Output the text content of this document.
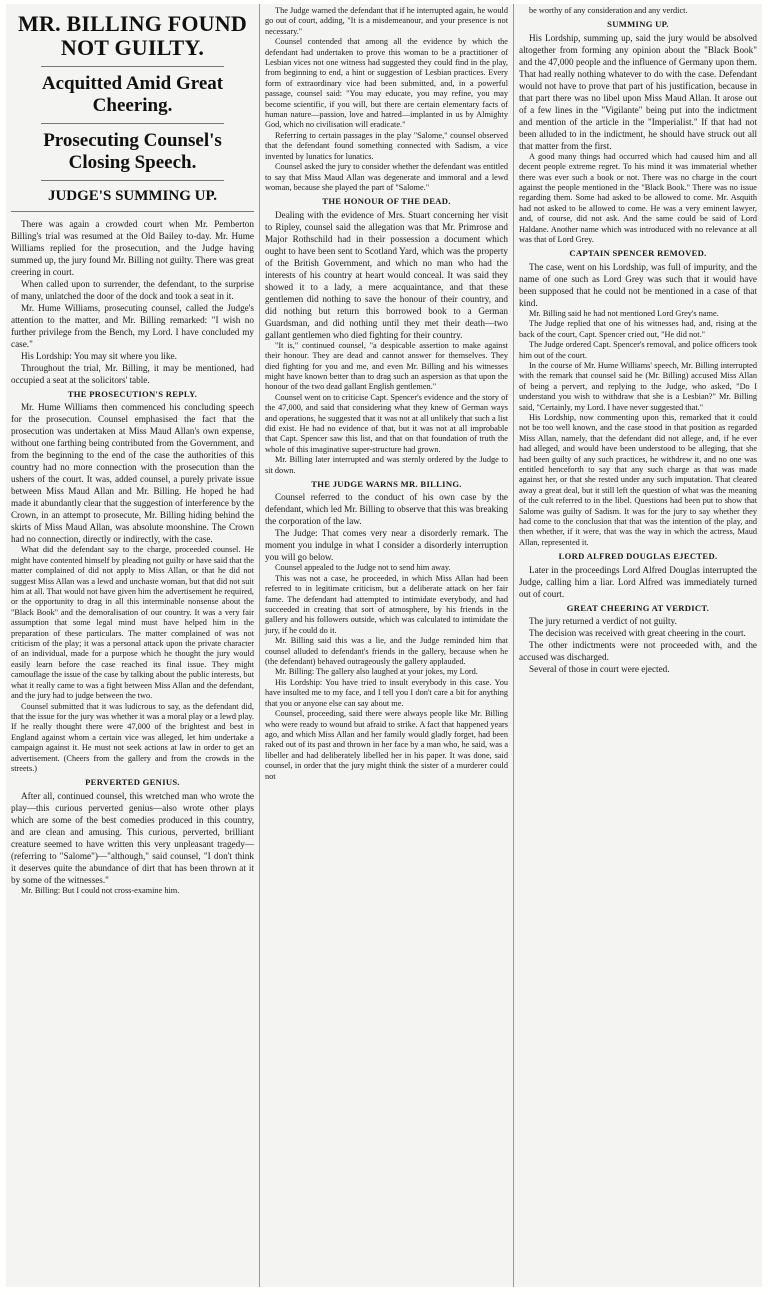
MR. BILLING FOUND NOT GUILTY.
Acquitted Amid Great Cheering.
Prosecuting Counsel's Closing Speech.
JUDGE'S SUMMING UP.

There was again a crowded court when Mr. Pemberton Billing's trial was resumed at the Old Bailey to-day. Mr. Hume Williams replied for the prosecution, and the Judge having summed up, the jury found Mr. Billing not guilty. There was great creering in court.

When called upon to surrender, the defendant, to the surprise of many, unlatched the door of the dock and took a seat in it.

Mr. Hume Williams, prosecuting counsel, called the Judge's attention to the matter, and Mr. Billing remarked: "I wish no further privilege from the Bench, my Lord. I have concluded my case."

His Lordship: You may sit where you like.

Throughout the trial, Mr. Billing, it may be mentioned, had occupied a seat at the solicitors' table.

THE PROSECUTION'S REPLY.

Mr. Hume Williams then commenced his concluding speech for the prosecution. Counsel emphasised the fact that the prosecution was undertaken at Miss Maud Allan's own expense, without one farthing being contributed from the Government, and from the beginning to the end of the case the authorities of this country had no more connection with the prosecution than the ushers of the court. It was, added counsel, a purely private issue between Miss Maud Allan and Mr. Billing. He hoped he had made it abundantly clear that the suggestion of interference by the Crown, in an attempt to prosecute, Mr. Billing hiding behind the skirts of Miss Maud Allan, was absolute moonshine. The Crown had no connection, directly or indirectly, with the case.

What did the defendant say to the charge, proceeded counsel. He might have contented himself by pleading not guilty or have said that the matter complained of did not apply to Miss Allan, or that he did not suggest Miss Allan was a lewd and unchaste woman, but that did not suit him at all. That would not have given him the advertisement he required, or the opportunity to drag in all this interminable nonsense about the "Black Book" and the demoralisation of our country. It was a very fair assumption that some legal mind must have helped him in the preparation of these particulars. The matter complained of was not criticism of the play; it was a personal attack upon the private character of an individual, made for a purpose which he thought the jury would easily learn before the case reached its final issue. They might camouflage the issue of the case by talking about the public interests, but what it really came to was a fight between Miss Allan and the defendant, and the jury had to judge between the two.

Counsel submitted that it was ludicrous to say, as the defendant did, that the issue for the jury was whether it was a moral play or a lewd play. If he really thought there were 47,000 of the brightest and best in England against whom a certain vice was alleged, let him undertake a campaign against it. He must not seek actions at law in order to get an advertisement. (Cheers from the gallery and from the crowds in the streets.)

PERVERTED GENIUS.

After all, continued counsel, this wretched man who wrote the play—this curious perverted genius—also wrote other plays which are some of the best comedies produced in this country, and are clean and amusing. This curious, perverted, brilliant creature seemed to have written this very unpleasant tragedy—(referring to "Salome")—"although," said counsel, "I don't think it deserves quite the abundance of dirt that has been thrown at it by some of the witnesses."

Mr. Billing: But I could not cross-examine him.

The Judge warned the defendant that if he interrupted again, he would go out of court, adding, "It is a misdemeanour, and your presence is not necessary."

Counsel contended that among all the evidence by which the defendant had undertaken to prove this woman to be a practitioner of Lesbian vices not one witness had suggested they could find in the play, from beginning to end, a hint or suggestion of Lesbian practices. Every form of extraordinary vice had been submitted, and, in a powerful passage, counsel said: "You may educate, you may refine, you may become scientific, if you will, but there are certain elementary facts of human nature—passion, love and hatred—implanted in us by Almighty God, which no civilisation will eradicate."

Referring to certain passages in the play "Salome," counsel observed that the defendant found something connected with Sadism, a vice invented by lunatics for lunatics.

Counsel asked the jury to consider whether the defendant was entitled to say that Miss Maud Allan was degenerate and immoral and a lewd woman, because she played the part of "Salome."

THE HONOUR OF THE DEAD.

Dealing with the evidence of Mrs. Stuart concerning her visit to Ripley, counsel said the allegation was that Mr. Primrose and Major Rothschild had in their possession a document which ought to have been sent to Scotland Yard, which was the property of the British Government, and which no man who had the interests of his country at heart would conceal. It was said they showed it to a lady, a mere acquaintance, and that these gentlemen did nothing to save the honour of their country, and did nothing but return this borrowed book to a German Guardsman, and did nothing until they met their death—two gallant gentlemen who died fighting for their country.

"It is," continued counsel, "a despicable assertion to make against their honour. They are dead and cannot answer for themselves. They died fighting for you and me, and even Mr. Billing and his witnesses might have known better than to drag such an aspersion as that upon the honour of the two dead gallant English gentlemen."

Counsel went on to criticise Capt. Spencer's evidence and the story of the 47,000, and said that considering what they knew of German ways and operations, he suggested that it was not at all unlikely that such a list did exist. He had no evidence of that, but it was not at all improbable that Capt. Spencer saw this list, and that on that foundation of truth the whole of this imaginative super-structure had grown.

Mr. Billing later interrupted and was sternly ordered by the Judge to sit down.

THE JUDGE WARNS MR. BILLING.

Counsel referred to the conduct of his own case by the defendant, which led Mr. Billing to observe that this was breaking the corporation of the law.

The Judge: That comes very near a disorderly remark. The moment you indulge in what I consider a disorderly interruption you will go below.

Counsel appealed to the Judge not to send him away.

This was not a case, he proceeded, in which Miss Allan had been referred to in legitimate criticism, but a deliberate attack on her fair fame. The defendant had attempted to intimidate everybody, and had succeeded in creating that sort of atmosphere, by his friends in the gallery and his followers outside, which was calculated to intimidate the jury, if he could do it.

Mr. Billing said this was a lie, and the Judge reminded him that counsel alluded to defendant's friends in the gallery, because when he (the defendant) behaved outrageously the gallery applauded.

Mr. Billing: The gallery also laughed at your jokes, my Lord.

His Lordship: You have tried to insult everybody in this case. You have insulted me to my face, and I tell you I don't care a bit for anything that you or anyone else can say about me.

Counsel, proceeding, said there were always people like Mr. Billing who were ready to wound but afraid to strike. A fact that happened years ago, and which Miss Allan and her family would gladly forget, had been raked out of its past and thrown in her face by a man who, he said, was a libeller and had deliberately libelled her in his paper. It was done, said counsel, in order that the jury might think the sister of a murderer could not

be worthy of any consideration and any verdict.

SUMMING UP.

His Lordship, summing up, said the jury would be absolved altogether from forming any opinion about the "Black Book" and the 47,000 people and the influence of Germany upon them. That had really nothing whatever to do with the case. Defendant would not have to prove that part of his justification, because in that part there was no libel upon Miss Maud Allan. It arose out of a few lines in the "Vigilante" being put into the indictment and mention of the article in the "Imperialist." If that had not been alluded to in the indictment, he should have struck out all that matter from the first.

A good many things had occurred which had caused him and all decent people extreme regret. To his mind it was immaterial whether there was ever such a book or not. There was no charge in the court against the people mentioned in the "Black Book." There was no issue regarding them. Some had asked to be allowed to come. Mr. Asquith had not asked to be allowed to come. He was a very eminent lawyer, and, of course, did not ask. And the same could be said of Lord Haldane. Another name which was introduced with no relevance at all was that of Lord Grey.

CAPTAIN SPENCER REMOVED.

The case, went on his Lordship, was full of impurity, and the name of one such as Lord Grey was such that it would have been supposed that he could not be mentioned in a case of that kind.

Mr. Billing said he had not mentioned Lord Grey's name.

The Judge replied that one of his witnesses had, and, rising at the back of the court, Capt. Spencer cried out, "He did not."

The Judge ordered Capt. Spencer's removal, and police officers took him out of the court.

In the course of Mr. Hume Williams' speech, Mr. Billing interrupted with the remark that counsel said he (Mr. Billing) accused Miss Allan of being a pervert, and replying to the Judge, who asked, "Do I understand you wish to withdraw that she is a Lesbian?" Mr. Billing said, "Certainly, my Lord. I have never suggested that."

His Lordship, now commenting upon this, remarked that it could not be too well known, and the case stood in that position as regarded Miss Allan, namely, that the defendant did not allege, and, if he ever had alleged, and would have been understood to be alleging, that she had been guilty of any such practices, he withdrew it, and no one was entitled henceforth to say that any such charge as that was made against her, or that she rested under any such imputation. That cleared away a great deal, but it still left the question of what was the meaning of the cult referred to in the libel. Questions had been put to show that Salome was guilty of Sadism. It was for the jury to say whether they had come to the conclusion that that was the intention of the play, and then whether, if it were, that was the way in which the actress, Maud Allan, represented it.

LORD ALFRED DOUGLAS EJECTED.

Later in the proceedings Lord Alfred Douglas interrupted the Judge, calling him a liar. Lord Alfred was immediately turned out of court.

GREAT CHEERING AT VERDICT.

The jury returned a verdict of not guilty.

The decision was received with great cheering in the court.

The other indictments were not proceeded with, and the accused was discharged.

Several of those in court were ejected.
